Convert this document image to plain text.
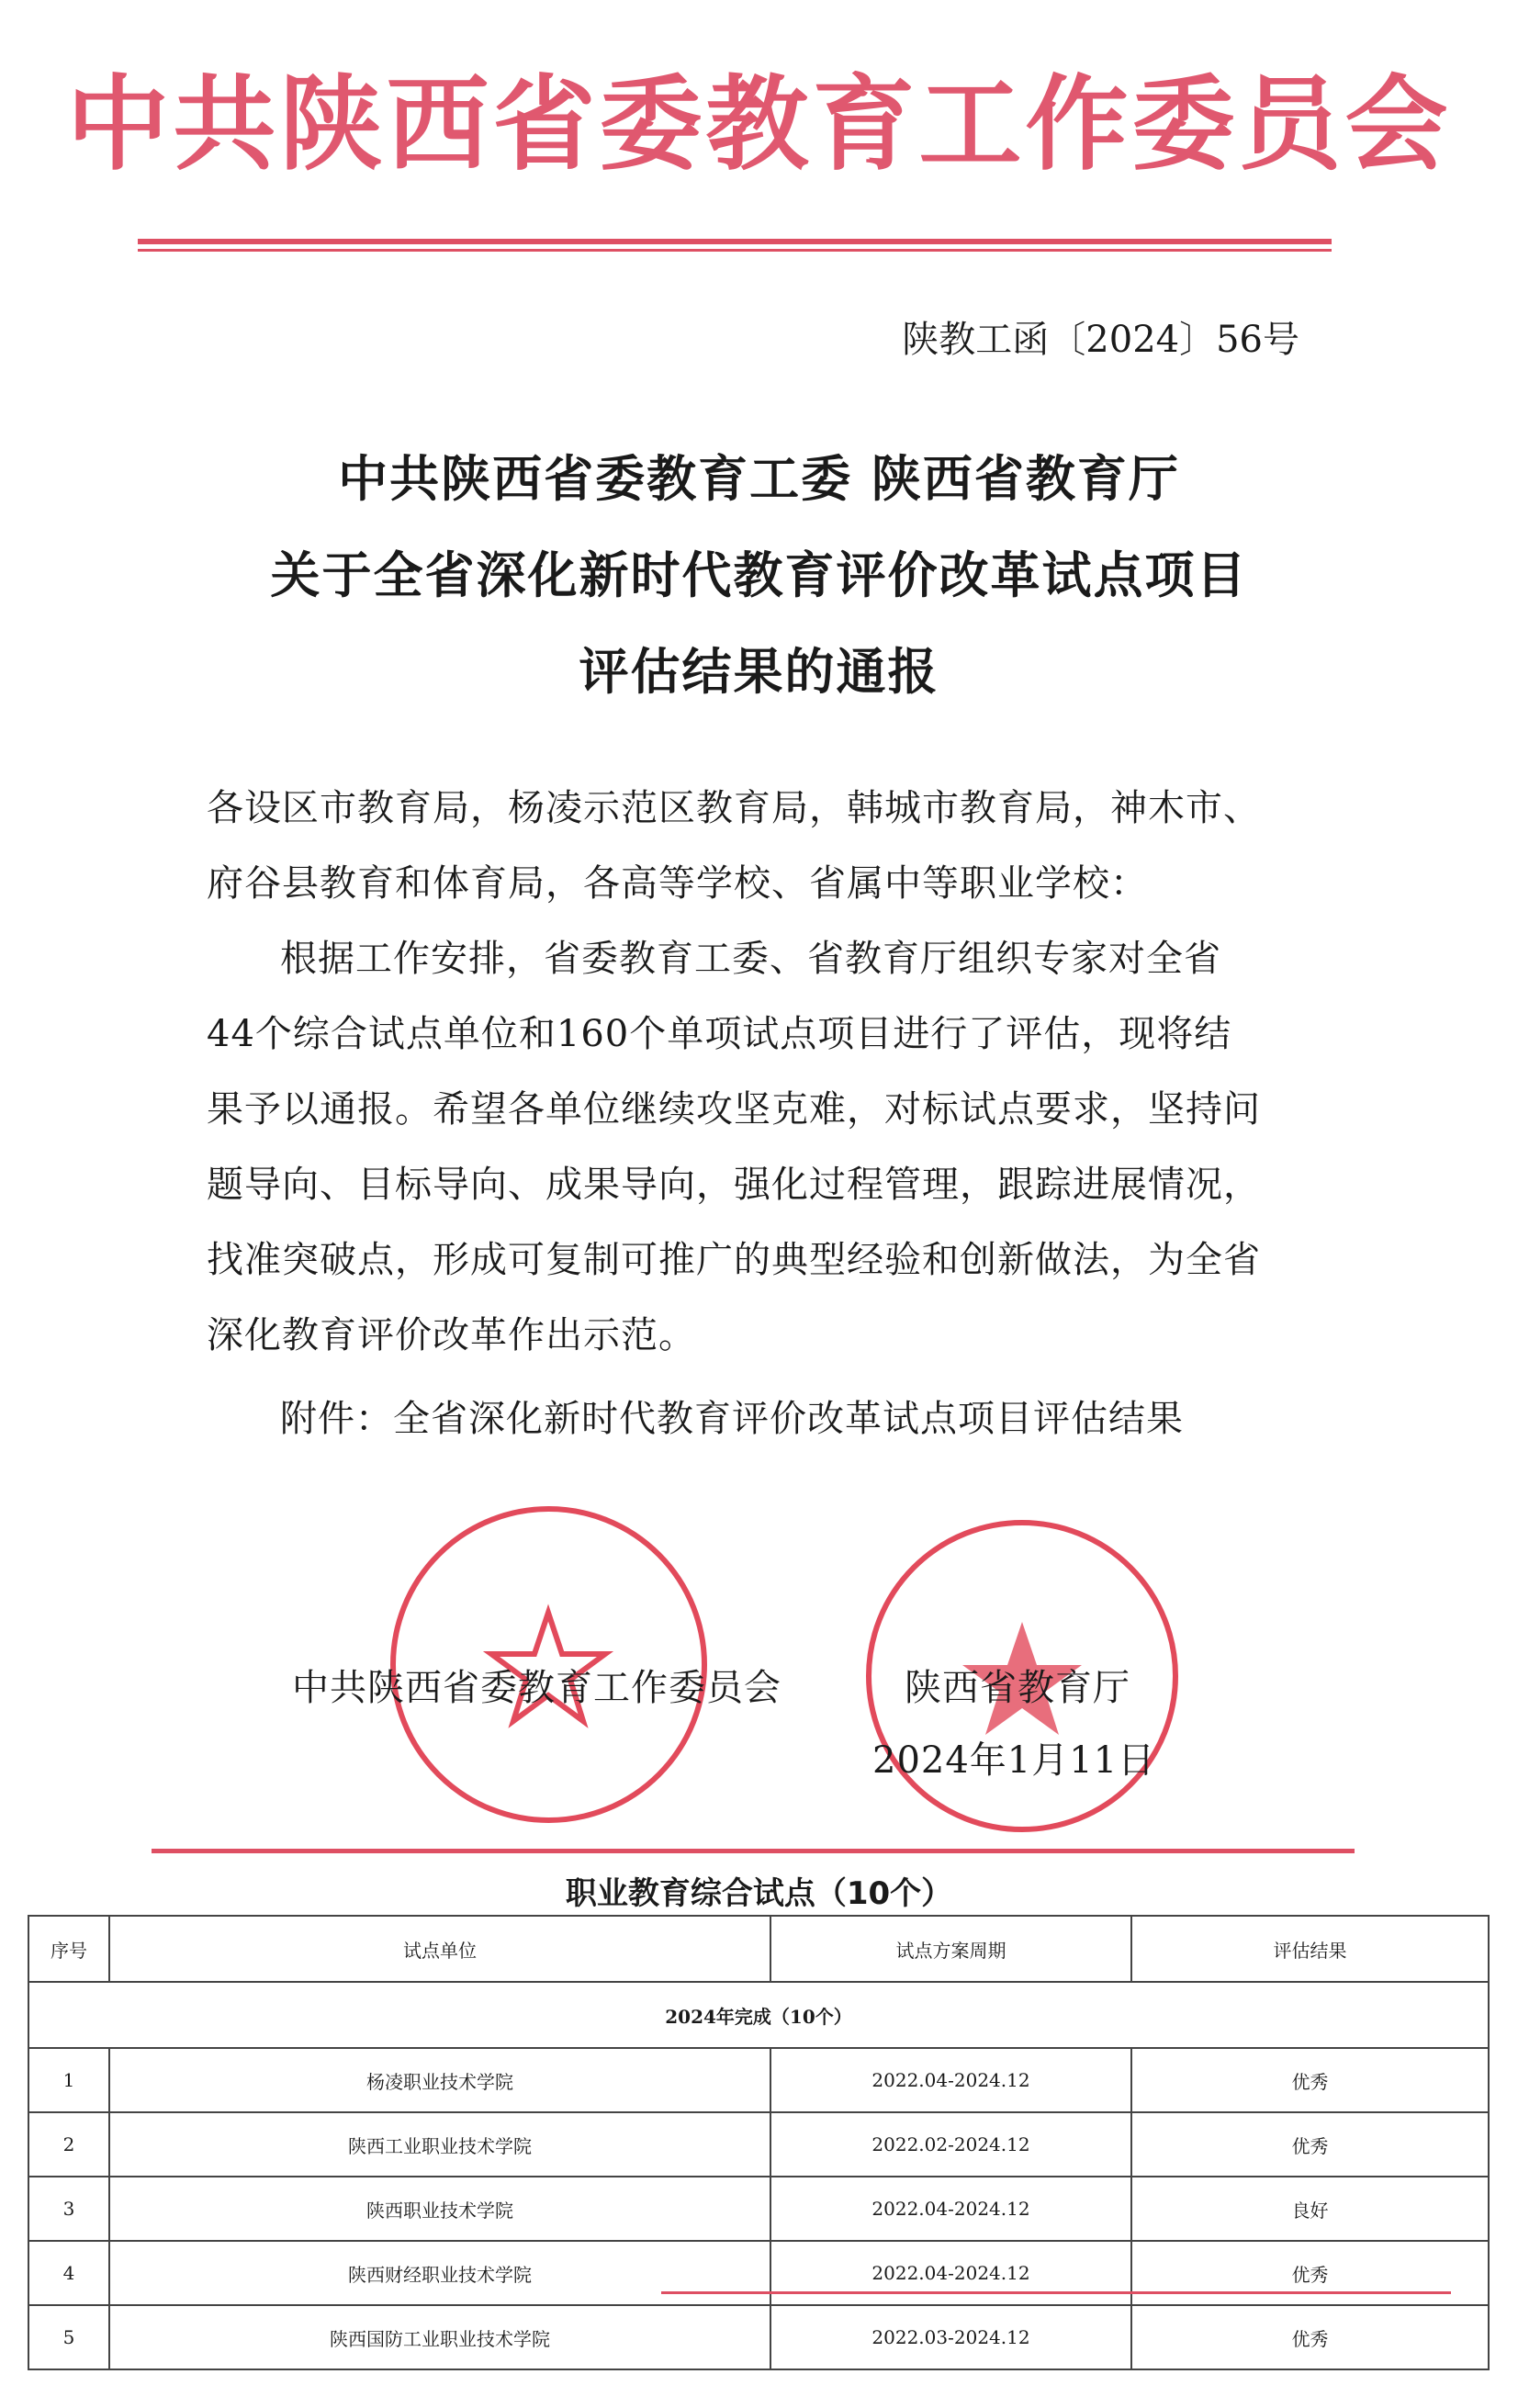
中共陕西省委教育工作委员会
陕教工函〔2024〕56号
中共陕西省委教育工委 陕西省教育厅
关于全省深化新时代教育评价改革试点项目
评估结果的通报
各设区市教育局，杨凌示范区教育局，韩城市教育局，神木市、
府谷县教育和体育局，各高等学校、省属中等职业学校：
根据工作安排，省委教育工委、省教育厅组织专家对全省
44个综合试点单位和160个单项试点项目进行了评估，现将结
果予以通报。希望各单位继续攻坚克难，对标试点要求，坚持问
题导向、目标导向、成果导向，强化过程管理，跟踪进展情况，
找准突破点，形成可复制可推广的典型经验和创新做法，为全省
深化教育评价改革作出示范。
附件：全省深化新时代教育评价改革试点项目评估结果
中共陕西省委教育工作委员会	陕西省教育厅
2024年1月11日
职业教育综合试点（10个）
序号	试点单位	试点方案周期	评估结果
2024年完成（10个）			
1	杨凌职业技术学院	2022.04-2024.12	优秀
2	陕西工业职业技术学院	2022.02-2024.12	优秀
3	陕西职业技术学院	2022.04-2024.12	良好
4	陕西财经职业技术学院	2022.04-2024.12	优秀
5	陕西国防工业职业技术学院	2022.03-2024.12	优秀
